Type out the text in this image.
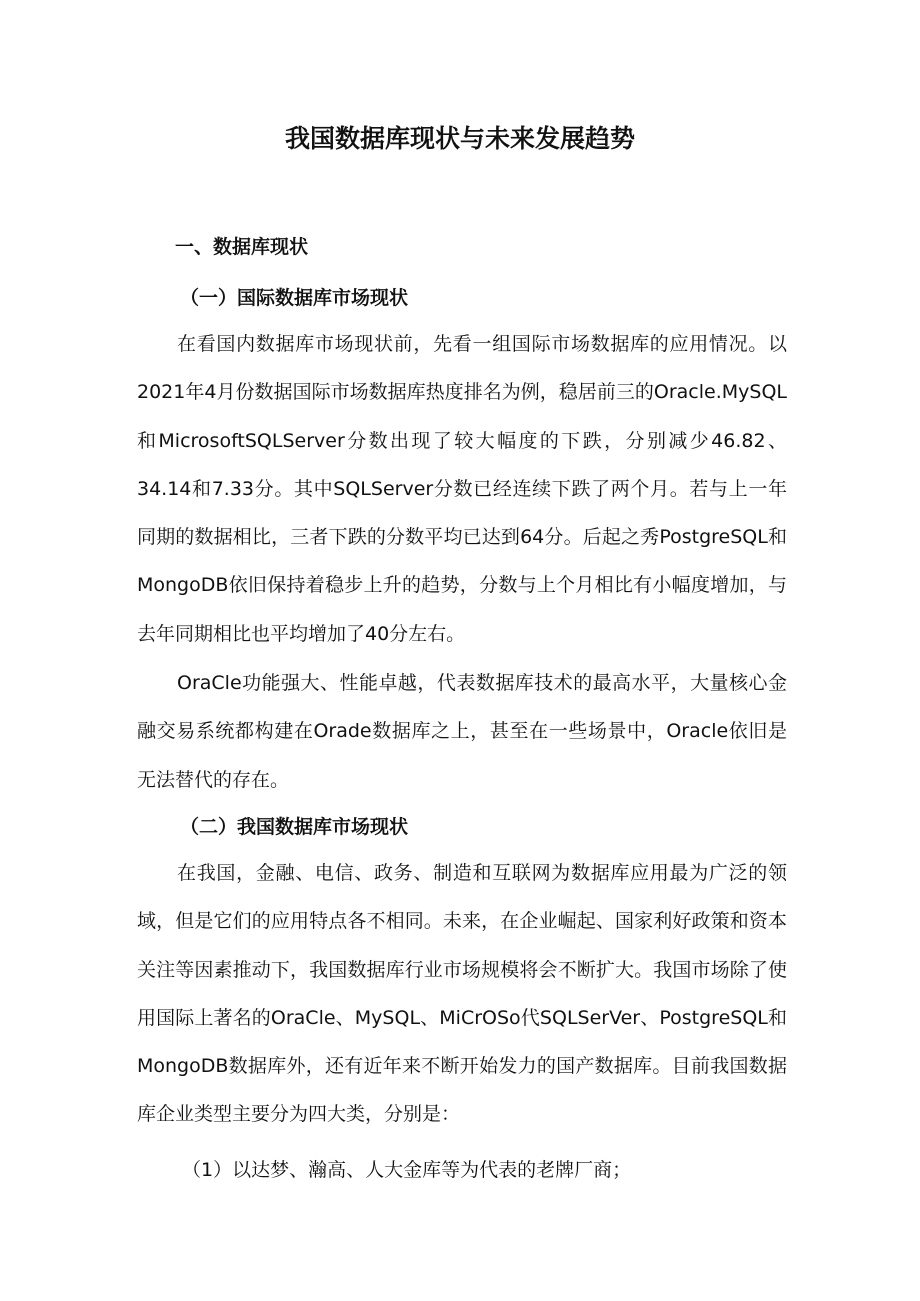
我国数据库现状与未来发展趋势
一、数据库现状
（一）国际数据库市场现状

在看国内数据库市场现状前，先看一组国际市场数据库的应用情况。以2021年4月份数据国际市场数据库热度排名为例，稳居前三的Oracle.MySQL和MicrosoftSQLServer分数出现了较大幅度的下跌，分别减少46.82、34.14和7.33分。其中SQLServer分数已经连续下跌了两个月。若与上一年同期的数据相比，三者下跌的分数平均已达到64分。后起之秀PostgreSQL和MongoDB依旧保持着稳步上升的趋势，分数与上个月相比有小幅度增加，与去年同期相比也平均增加了40分左右。

OraCle功能强大、性能卓越，代表数据库技术的最高水平，大量核心金融交易系统都构建在Orade数据库之上，甚至在一些场景中，Oracle依旧是无法替代的存在。

（二）我国数据库市场现状

在我国，金融、电信、政务、制造和互联网为数据库应用最为广泛的领域，但是它们的应用特点各不相同。未来，在企业崛起、国家利好政策和资本关注等因素推动下，我国数据库行业市场规模将会不断扩大。我国市场除了使用国际上著名的OraCle、MySQL、MiCrOSo代SQLSerVer、PostgreSQL和MongoDB数据库外，还有近年来不断开始发力的国产数据库。目前我国数据库企业类型主要分为四大类，分别是：

（1）以达梦、瀚高、人大金库等为代表的老牌厂商；
